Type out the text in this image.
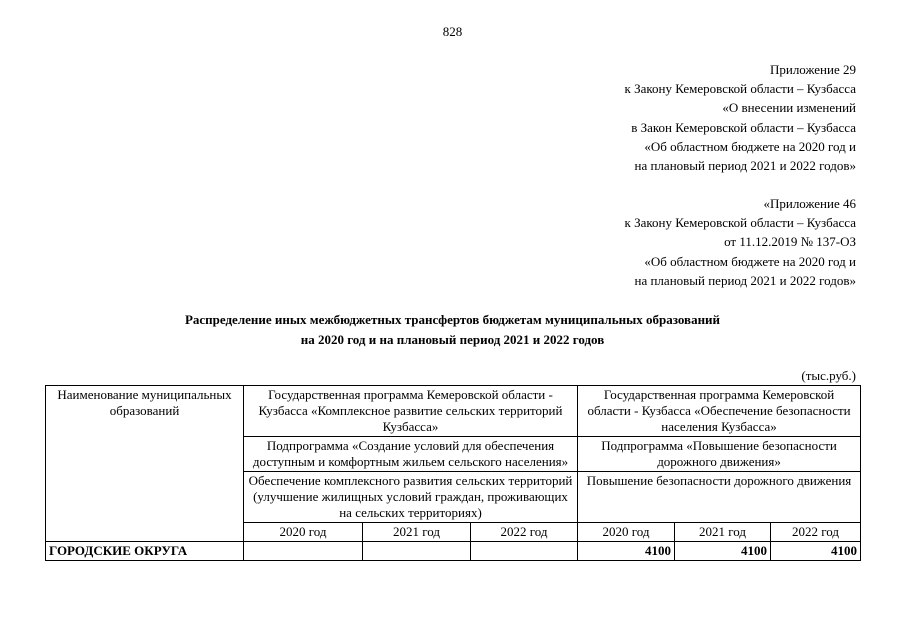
828
Приложение 29
к Закону Кемеровской области – Кузбасса
«О внесении изменений
в Закон Кемеровской области – Кузбасса
«Об областном бюджете на 2020 год и
на плановый период 2021 и 2022 годов»
«Приложение 46
к Закону Кемеровской области – Кузбасса
от 11.12.2019 № 137-ОЗ
«Об областном бюджете на 2020 год и
на плановый период 2021 и 2022 годов»
Распределение иных межбюджетных трансфертов бюджетам муниципальных образований
на 2020 год и на плановый период 2021 и 2022 годов
(тыс.руб.)
Наименование муниципальных образований	Государственная программа Кемеровской области - Кузбасса «Комплексное развитие сельских территорий Кузбасса»			Государственная программа Кемеровской области - Кузбасса «Обеспечение безопасности населения Кузбасса»		
	Подпрограмма «Создание условий для обеспечения доступным и комфортным жильем сельского населения»			Подпрограмма «Повышение безопасности дорожного движения»		
	Обеспечение комплексного развития сельских территорий (улучшение жилищных условий граждан, проживающих на сельских территориях)			Повышение безопасности дорожного движения		
	2020 год	2021 год	2022 год	2020 год	2021 год	2022 год
ГОРОДСКИЕ ОКРУГА				4100	4100	4100
